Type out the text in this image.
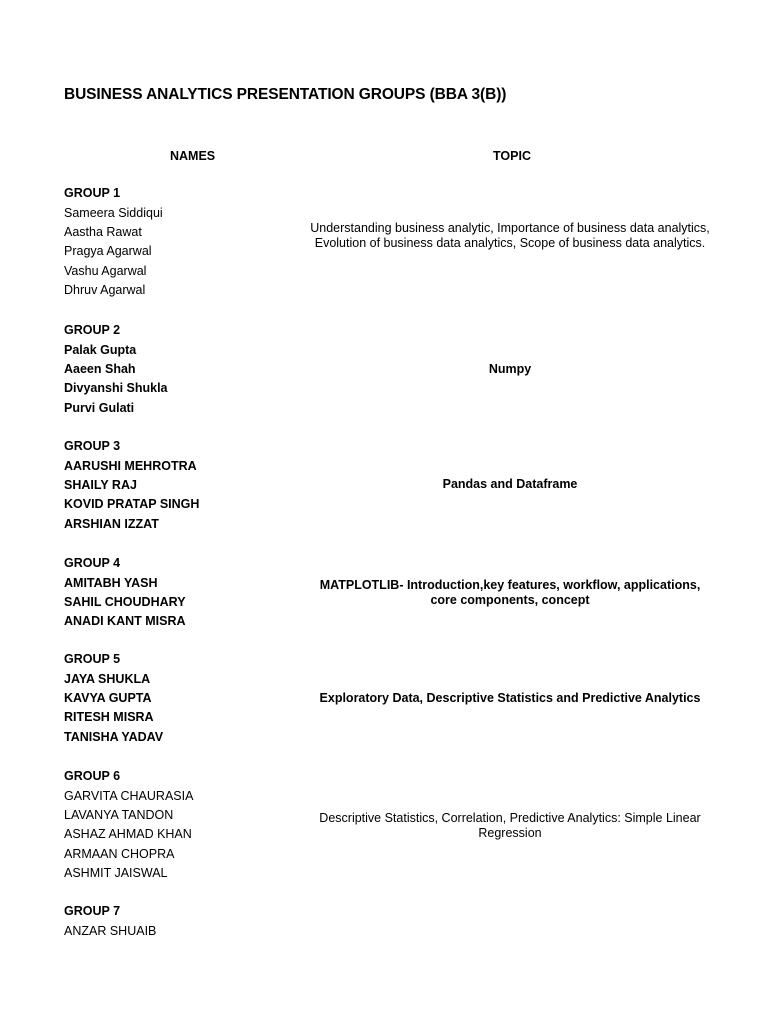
BUSINESS ANALYTICS PRESENTATION GROUPS (BBA 3(B))
NAMES	TOPIC
GROUP 1
Sameera Siddiqui
Aastha Rawat
Pragya Agarwal
Vashu Agarwal
Dhruv Agarwal
Understanding business analytic, Importance of business data analytics, Evolution of business data analytics, Scope of business data analytics.
GROUP 2
Palak Gupta
Aaeen Shah
Divyanshi Shukla
Purvi Gulati
Numpy
GROUP 3
AARUSHI MEHROTRA
SHAILY RAJ
KOVID PRATAP SINGH
ARSHIAN IZZAT
Pandas and Dataframe
GROUP 4
AMITABH YASH
SAHIL CHOUDHARY
ANADI KANT MISRA
MATPLOTLIB- Introduction,key features, workflow, applications, core components, concept
GROUP 5
JAYA SHUKLA
KAVYA GUPTA
RITESH MISRA
TANISHA YADAV
Exploratory Data, Descriptive Statistics and Predictive Analytics
GROUP 6
GARVITA CHAURASIA
LAVANYA TANDON
ASHAZ AHMAD KHAN
ARMAAN CHOPRA
ASHMIT JAISWAL
Descriptive Statistics, Correlation, Predictive Analytics: Simple Linear Regression
GROUP 7
ANZAR SHUAIB
